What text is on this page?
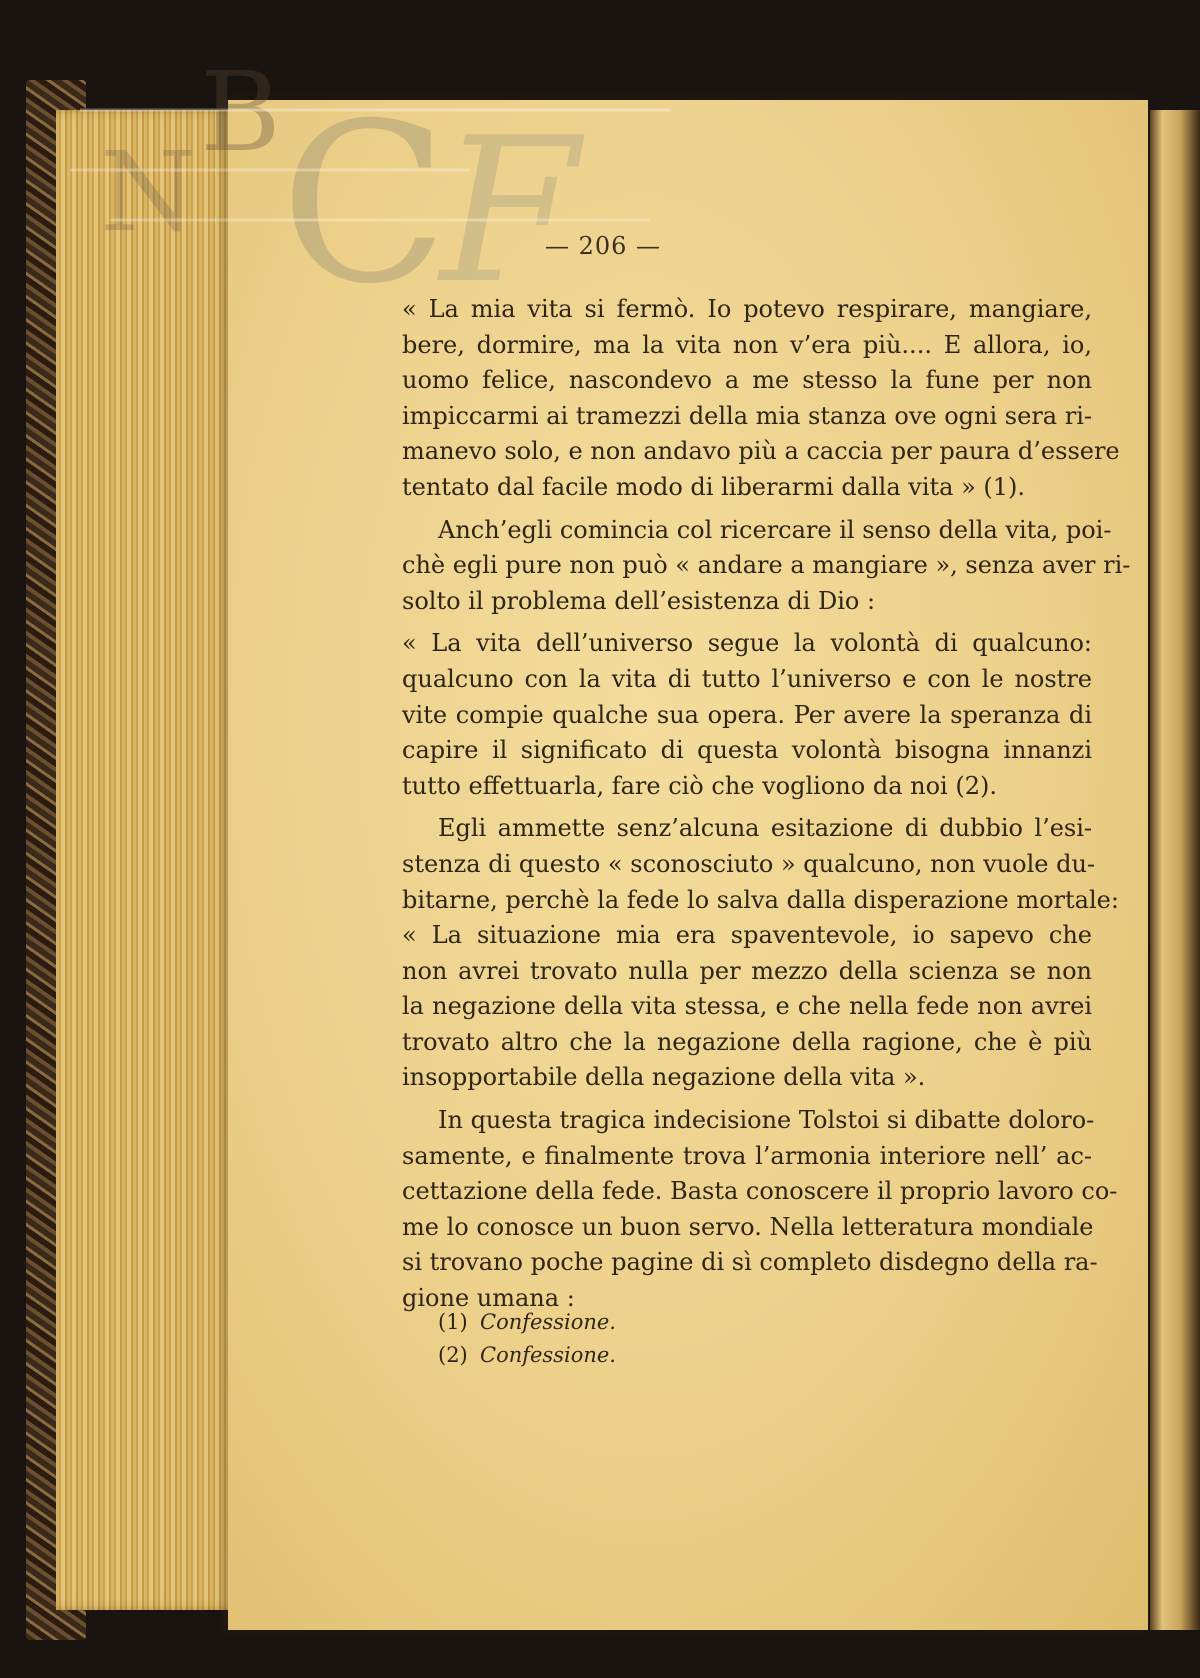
B
N C
F
— 206 —
« La mia vita si fermò. Io potevo respirare, mangiare,
bere, dormire, ma la vita non v’era più.... E allora, io,
uomo felice, nascondevo a me stesso la fune per non
impiccarmi ai tramezzi della mia stanza ove ogni sera ri-
manevo solo, e non andavo più a caccia per paura d’essere
tentato dal facile modo di liberarmi dalla vita » (1).
Anch’egli comincia col ricercare il senso della vita, poi-
chè egli pure non può « andare a mangiare », senza aver ri-
solto il problema dell’esistenza di Dio :
« La vita dell’universo segue la volontà di qualcuno:
qualcuno con la vita di tutto l’universo e con le nostre
vite compie qualche sua opera. Per avere la speranza di
capire il significato di questa volontà bisogna innanzi
tutto effettuarla, fare ciò che vogliono da noi (2).
Egli ammette senz’alcuna esitazione di dubbio l’esi-
stenza di questo « sconosciuto » qualcuno, non vuole du-
bitarne, perchè la fede lo salva dalla disperazione mortale:
« La situazione mia era spaventevole, io sapevo che
non avrei trovato nulla per mezzo della scienza se non
la negazione della vita stessa, e che nella fede non avrei
trovato altro che la negazione della ragione, che è più
insopportabile della negazione della vita ».
In questa tragica indecisione Tolstoi si dibatte doloro-
samente, e finalmente trova l’armonia interiore nell’ ac-
cettazione della fede. Basta conoscere il proprio lavoro co-
me lo conosce un buon servo. Nella letteratura mondiale
si trovano poche pagine di sì completo disdegno della ra-
gione umana :
(1) Confessione.
(2) Confessione.
